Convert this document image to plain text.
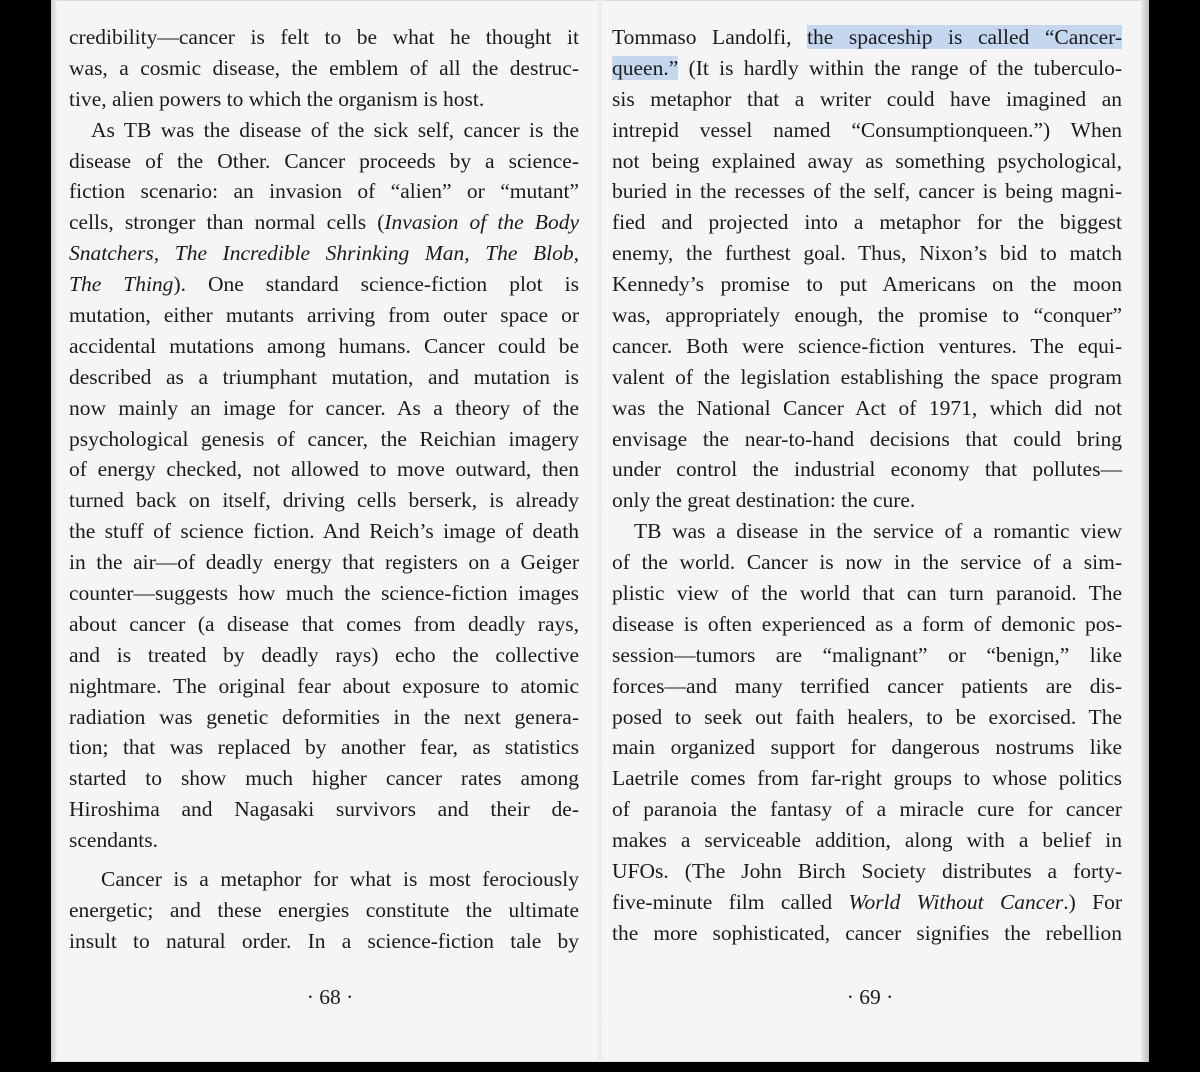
credibility—cancer is felt to be what he thought it
was, a cosmic disease, the emblem of all the destruc-
tive, alien powers to which the organism is host.
As TB was the disease of the sick self, cancer is the
disease of the Other. Cancer proceeds by a science-
fiction scenario: an invasion of “alien” or “mutant”
cells, stronger than normal cells (Invasion of the Body
Snatchers, The Incredible Shrinking Man, The Blob,
The Thing). One standard science-fiction plot is
mutation, either mutants arriving from outer space or
accidental mutations among humans. Cancer could be
described as a triumphant mutation, and mutation is
now mainly an image for cancer. As a theory of the
psychological genesis of cancer, the Reichian imagery
of energy checked, not allowed to move outward, then
turned back on itself, driving cells berserk, is already
the stuff of science fiction. And Reich’s image of death
in the air—of deadly energy that registers on a Geiger
counter—suggests how much the science-fiction images
about cancer (a disease that comes from deadly rays,
and is treated by deadly rays) echo the collective
nightmare. The original fear about exposure to atomic
radiation was genetic deformities in the next genera-
tion; that was replaced by another fear, as statistics
started to show much higher cancer rates among
Hiroshima and Nagasaki survivors and their de-
scendants.
Cancer is a metaphor for what is most ferociously
energetic; and these energies constitute the ultimate
insult to natural order. In a science-fiction tale by
Tommaso Landolfi, the spaceship is called “Cancer-
queen.” (It is hardly within the range of the tuberculo-
sis metaphor that a writer could have imagined an
intrepid vessel named “Consumptionqueen.”) When
not being explained away as something psychological,
buried in the recesses of the self, cancer is being magni-
fied and projected into a metaphor for the biggest
enemy, the furthest goal. Thus, Nixon’s bid to match
Kennedy’s promise to put Americans on the moon
was, appropriately enough, the promise to “conquer”
cancer. Both were science-fiction ventures. The equi-
valent of the legislation establishing the space program
was the National Cancer Act of 1971, which did not
envisage the near-to-hand decisions that could bring
under control the industrial economy that pollutes—
only the great destination: the cure.
TB was a disease in the service of a romantic view
of the world. Cancer is now in the service of a sim-
plistic view of the world that can turn paranoid. The
disease is often experienced as a form of demonic pos-
session—tumors are “malignant” or “benign,” like
forces—and many terrified cancer patients are dis-
posed to seek out faith healers, to be exorcised. The
main organized support for dangerous nostrums like
Laetrile comes from far-right groups to whose politics
of paranoia the fantasy of a miracle cure for cancer
makes a serviceable addition, along with a belief in
UFOs. (The John Birch Society distributes a forty-
five-minute film called World Without Cancer.) For
the more sophisticated, cancer signifies the rebellion
· 68 ·	· 69 ·
